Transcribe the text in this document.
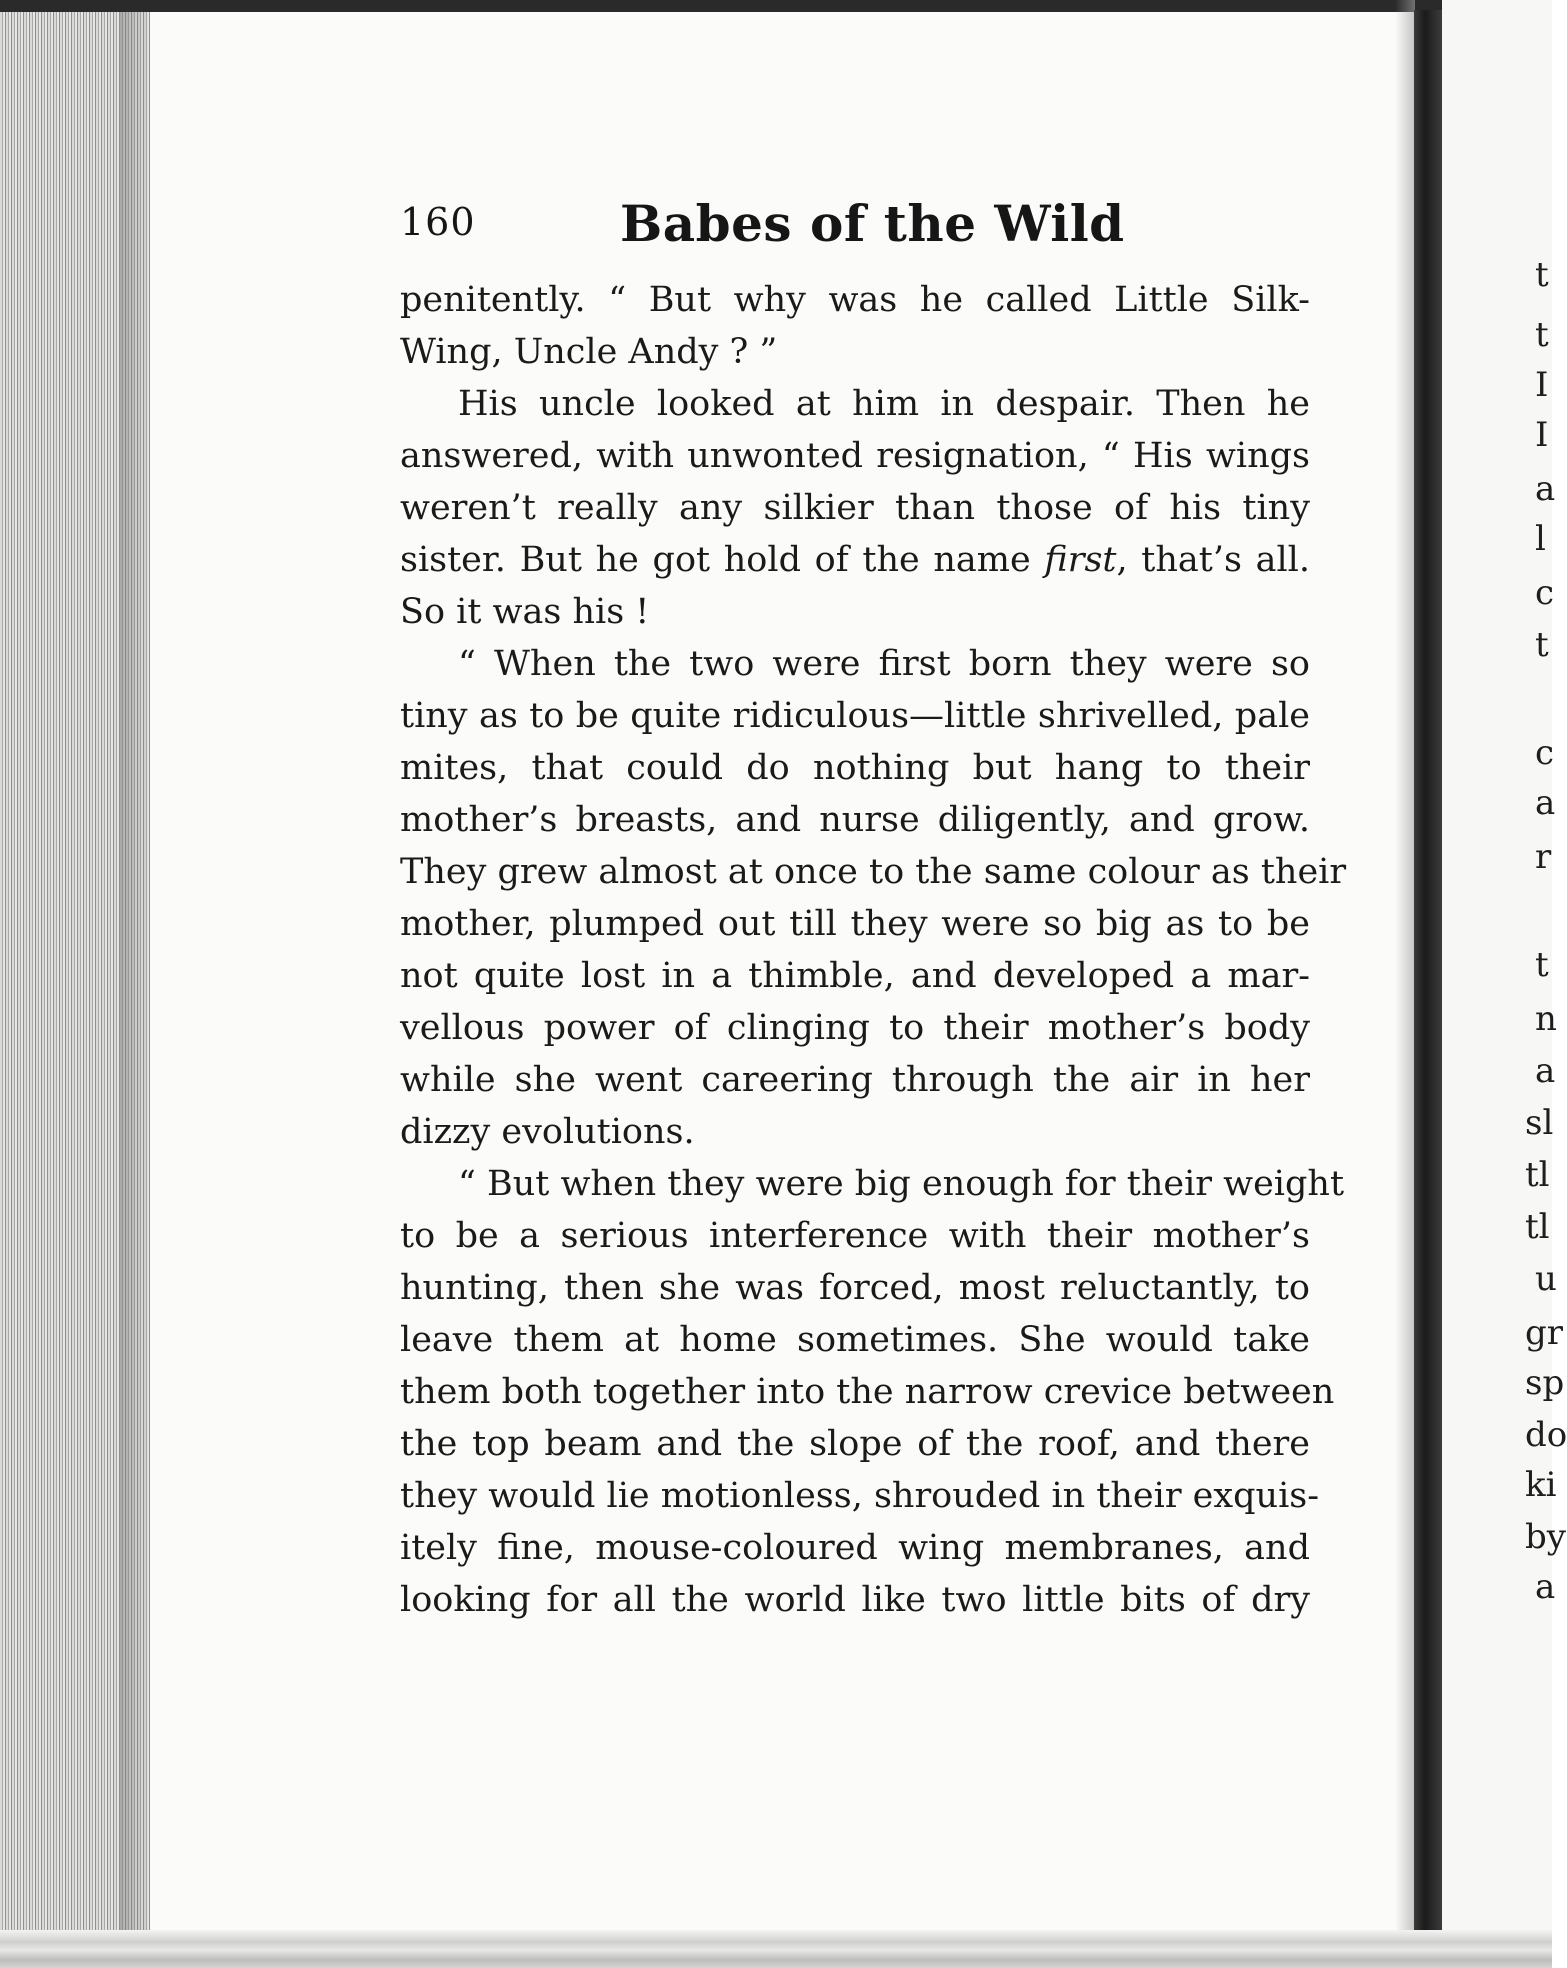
160	Babes of the Wild
penitently. “ But why was he called Little Silk-
Wing, Uncle Andy ? ”
His uncle looked at him in despair. Then he
answered, with unwonted resignation, “ His wings
weren’t really any silkier than those of his tiny
sister. But he got hold of the name first, that’s all.
So it was his !
“ When the two were first born they were so
tiny as to be quite ridiculous—little shrivelled, pale
mites, that could do nothing but hang to their
mother’s breasts, and nurse diligently, and grow.
They grew almost at once to the same colour as their
mother, plumped out till they were so big as to be
not quite lost in a thimble, and developed a mar-
vellous power of clinging to their mother’s body
while she went careering through the air in her
dizzy evolutions.
“ But when they were big enough for their weight
to be a serious interference with their mother’s
hunting, then she was forced, most reluctantly, to
leave them at home sometimes. She would take
them both together into the narrow crevice between
the top beam and the slope of the roof, and there
they would lie motionless, shrouded in their exquis-
itely fine, mouse-coloured wing membranes, and
looking for all the world like two little bits of dry
t
t
I
I
a
l
c
t
c
a
r
t
n
a
sl
tl
tl
u
gr
sp
do
ki
by
a
